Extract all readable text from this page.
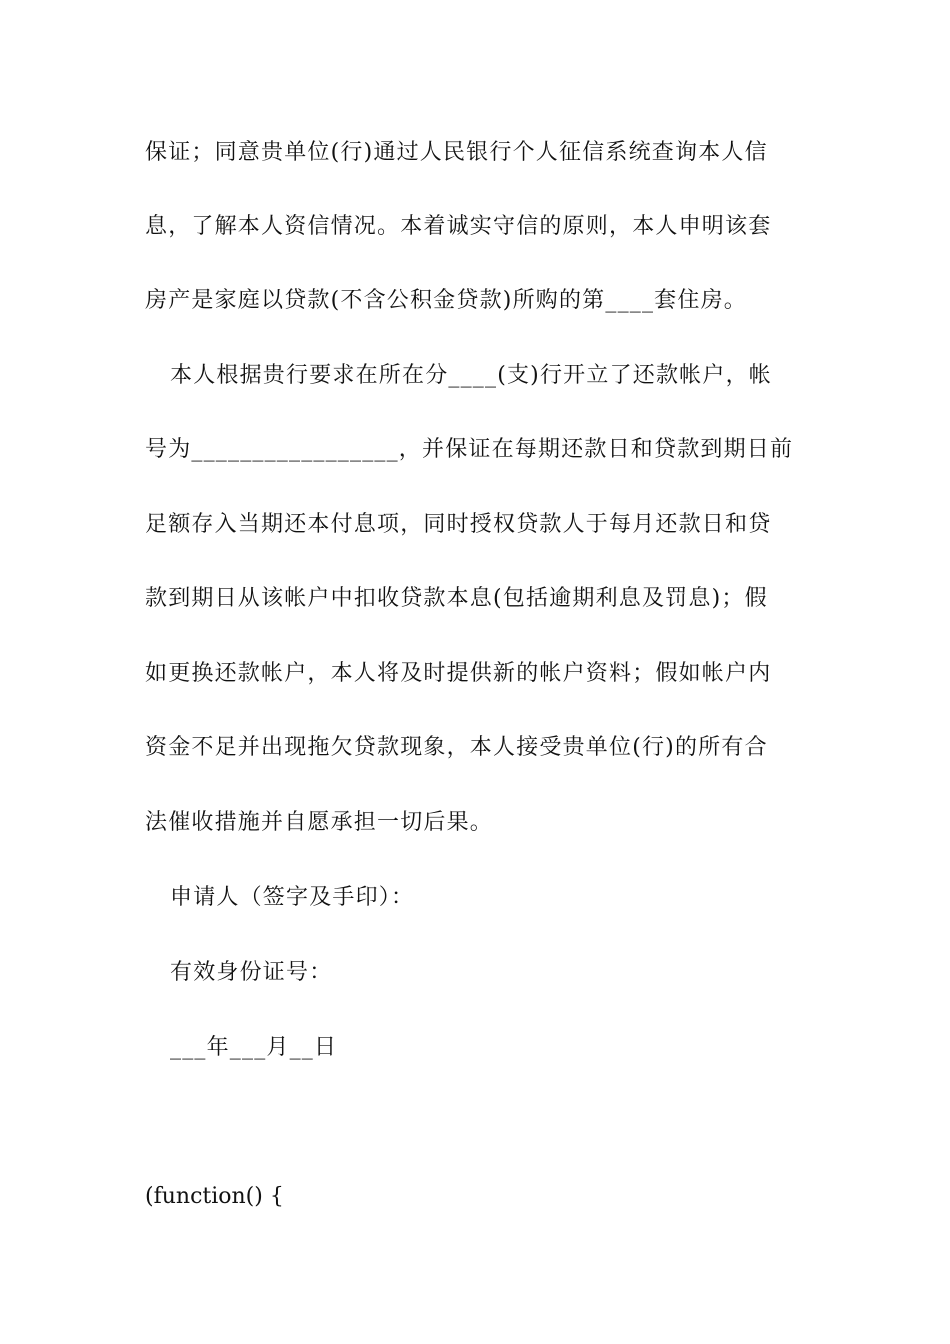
保证；同意贵单位(行)通过人民银行个人征信系统查询本人信
息，了解本人资信情况。本着诚实守信的原则，本人申明该套
房产是家庭以贷款(不含公积金贷款)所购的第____套住房。
本人根据贵行要求在所在分____(支)行开立了还款帐户，帐
号为_________________，并保证在每期还款日和贷款到期日前
足额存入当期还本付息项，同时授权贷款人于每月还款日和贷
款到期日从该帐户中扣收贷款本息(包括逾期利息及罚息)；假
如更换还款帐户，本人将及时提供新的帐户资料；假如帐户内
资金不足并出现拖欠贷款现象，本人接受贵单位(行)的所有合
法催收措施并自愿承担一切后果。
申请人（签字及手印）：
有效身份证号：
___年___月__日
(function() {
